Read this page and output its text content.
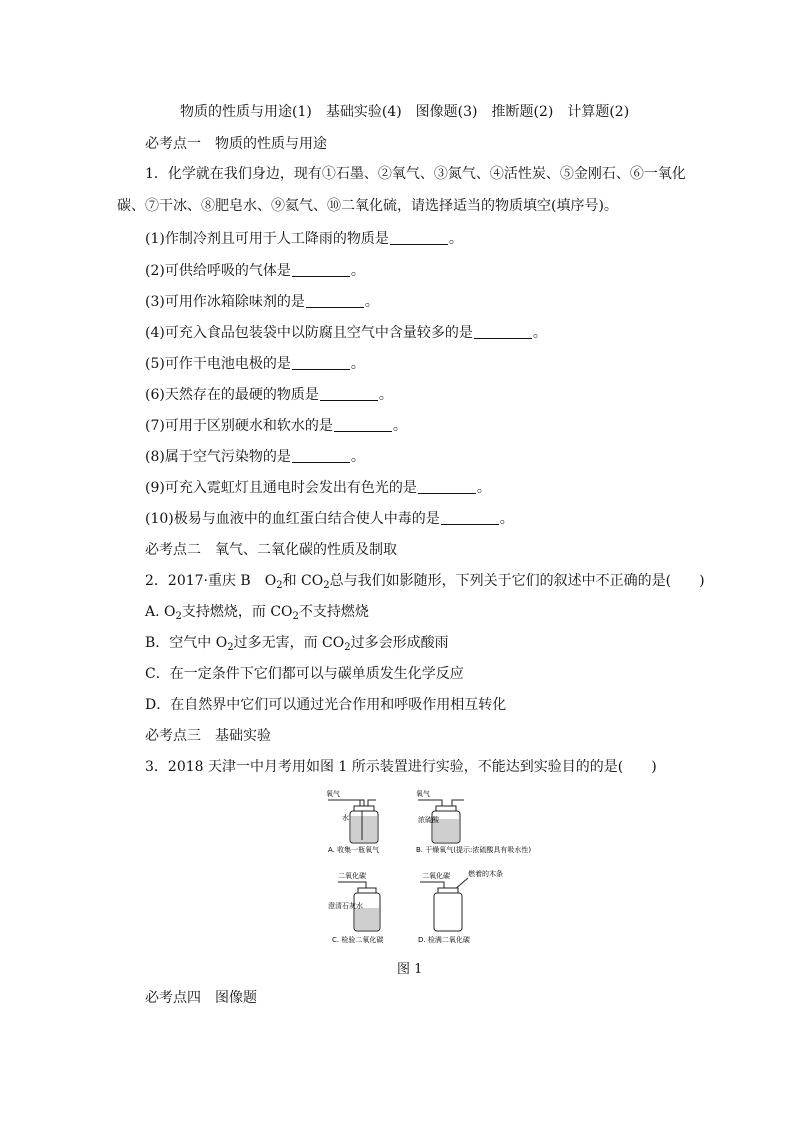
物质的性质与用途(1)　基础实验(4)　图像题(3)　推断题(2)　计算题(2)
必考点一　物质的性质与用途
1．化学就在我们身边，现有①石墨、②氧气、③氮气、④活性炭、⑤金刚石、⑥一氧化
碳、⑦干冰、⑧肥皂水、⑨氦气、⑩二氧化硫，请选择适当的物质填空(填序号)。
(1)作制冷剂且可用于人工降雨的物质是	。
(2)可供给呼吸的气体是	。
(3)可用作冰箱除味剂的是	。
(4)可充入食品包装袋中以防腐且空气中含量较多的是	。
(5)可作干电池电极的是	。
(6)天然存在的最硬的物质是	。
(7)可用于区别硬水和软水的是	。
(8)属于空气污染物的是	。
(9)可充入霓虹灯且通电时会发出有色光的是	。
(10)极易与血液中的血红蛋白结合使人中毒的是	。
必考点二　氧气、二氧化碳的性质及制取
2．2017·重庆 B　$O_2$和 $CO_2$总与我们如影随形，下列关于它们的叙述中不正确的是( )
A. $O_2$支持燃烧，而 $CO_2$不支持燃烧
B．空气中 $O_2$过多无害，而 $CO_2$过多会形成酸雨
C．在一定条件下它们都可以与碳单质发生化学反应
D．在自然界中它们可以通过光合作用和呼吸作用相互转化
必考点三　基础实验
3．2018 天津一中月考用如图 1 所示装置进行实验，不能达到实验目的的是( )
氧气
水
A. 收集一瓶氧气
氧气
浓硫酸
B. 干燥氧气(提示:浓硫酸具有吸水性)
二氧化碳
澄清石灰水
C. 检验二氧化碳
二氧化碳	燃着的木条
D. 检满二氧化碳
图 1
必考点四　图像题
